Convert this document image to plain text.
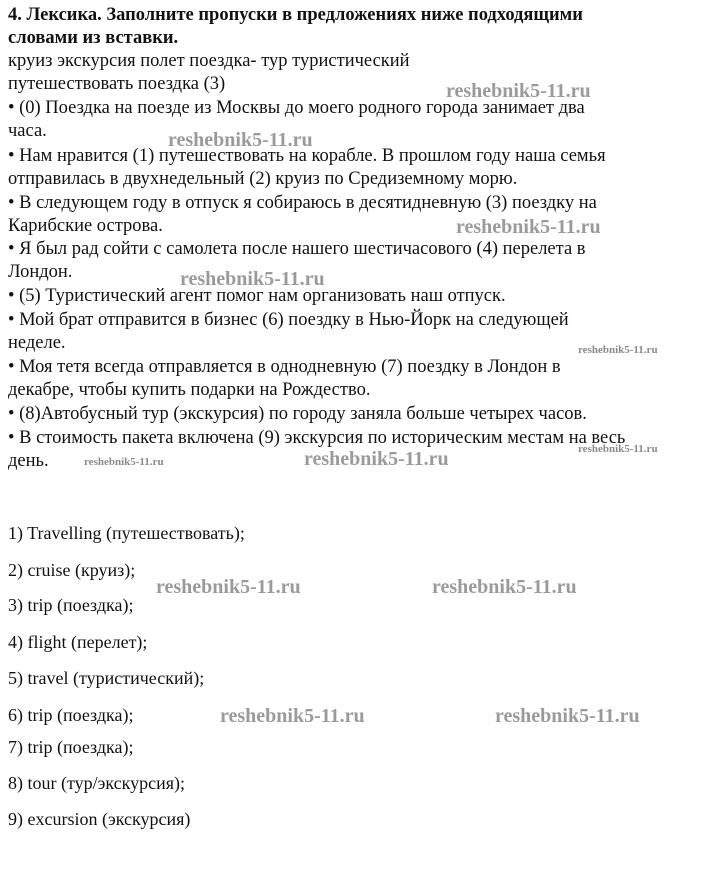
4. Лексика. Заполните пропуски в предложениях ниже подходящими
словами из вставки.
круиз экскурсия полет поездка- тур туристический
путешествовать поездка (3)
• (0) Поездка на поезде из Москвы до моего родного города занимает два
часа.
• Нам нравится (1) путешествовать на корабле. В прошлом году наша семья
отправилась в двухнедельный (2) круиз по Средиземному морю.
• В следующем году в отпуск я собираюсь в десятидневную (3) поездку на
Карибские острова.
• Я был рад сойти с самолета после нашего шестичасового (4) перелета в
Лондон.
• (5) Туристический агент помог нам организовать наш отпуск.
• Мой брат отправится в бизнес (6) поездку в Нью-Йорк на следующей
неделе.
• Моя тетя всегда отправляется в однодневную (7) поездку в Лондон в
декабре, чтобы купить подарки на Рождество.
• (8)Автобусный тур (экскурсия) по городу заняла больше четырех часов.
• В стоимость пакета включена (9) экскурсия по историческим местам на весь
день.
1) Travelling (путешествовать);
2) cruise (круиз);
3) trip (поездка);
4) flight (перелет);
5) travel (туристический);
6) trip (поездка);
7) trip (поездка);
8) tour (тур/экскурсия);
9) excursion (экскурсия)
reshebnik5-11.ru
reshebnik5-11.ru
reshebnik5-11.ru
reshebnik5-11.ru
reshebnik5-11.ru
reshebnik5-11.ru
reshebnik5-11.ru	reshebnik5-11.ru
reshebnik5-11.ru	reshebnik5-11.ru
reshebnik5-11.ru	reshebnik5-11.ru
